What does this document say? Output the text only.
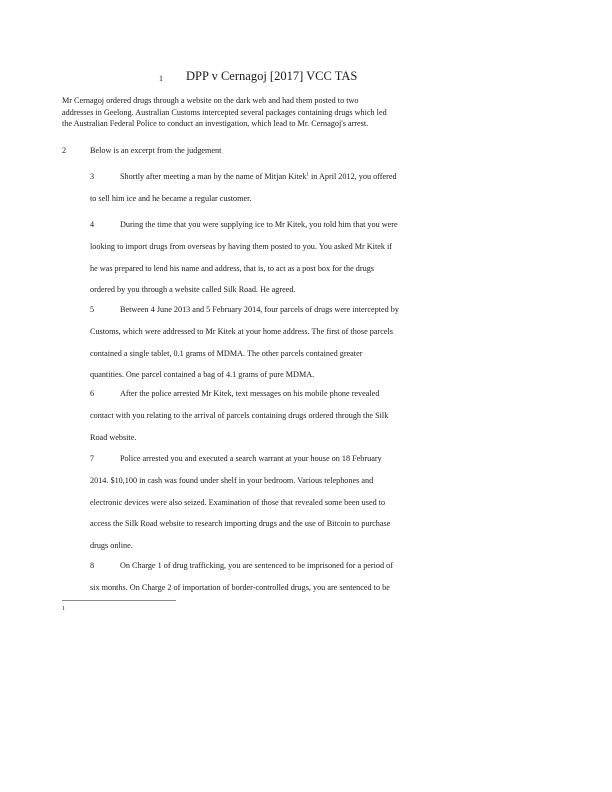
1 DPP v Cernagoj [2017] VCC TAS
Mr Cernagoj ordered drugs through a website on the dark web and had them posted to two
addresses in Geelong. Australian Customs intercepted several packages containing drugs which led
the Australian Federal Police to conduct an investigation, which lead to Mr. Cernagoj's arrest.
2	Below is an excerpt from the judgement
3	Shortly after meeting a man by the name of Mitjan Kitek$^1$ in April 2012, you offered
to sell him ice and he became a regular customer.
4	During the time that you were supplying ice to Mr Kitek, you told him that you were
looking to import drugs from overseas by having them posted to you. You asked Mr Kitek if
he was prepared to lend his name and address, that is, to act as a post box for the drugs
ordered by you through a website called Silk Road. He agreed.
5	Between 4 June 2013 and 5 February 2014, four parcels of drugs were intercepted by
Customs, which were addressed to Mr Kitek at your home address. The first of those parcels
contained a single tablet, 0.1 grams of MDMA. The other parcels contained greater
quantities. One parcel contained a bag of 4.1 grams of pure MDMA.
6	After the police arrested Mr Kitek, text messages on his mobile phone revealed
contact with you relating to the arrival of parcels containing drugs ordered through the Silk
Road website.
7	Police arrested you and executed a search warrant at your house on 18 February
2014. $10,100 in cash was found under shelf in your bedroom. Various telephones and
electronic devices were also seized. Examination of those that revealed some been used to
access the Silk Road website to research importing drugs and the use of Bitcoin to purchase
drugs online.
8	On Charge 1 of drug trafficking, you are sentenced to be imprisoned for a period of
six months. On Charge 2 of importation of border-controlled drugs, you are sentenced to be
1
